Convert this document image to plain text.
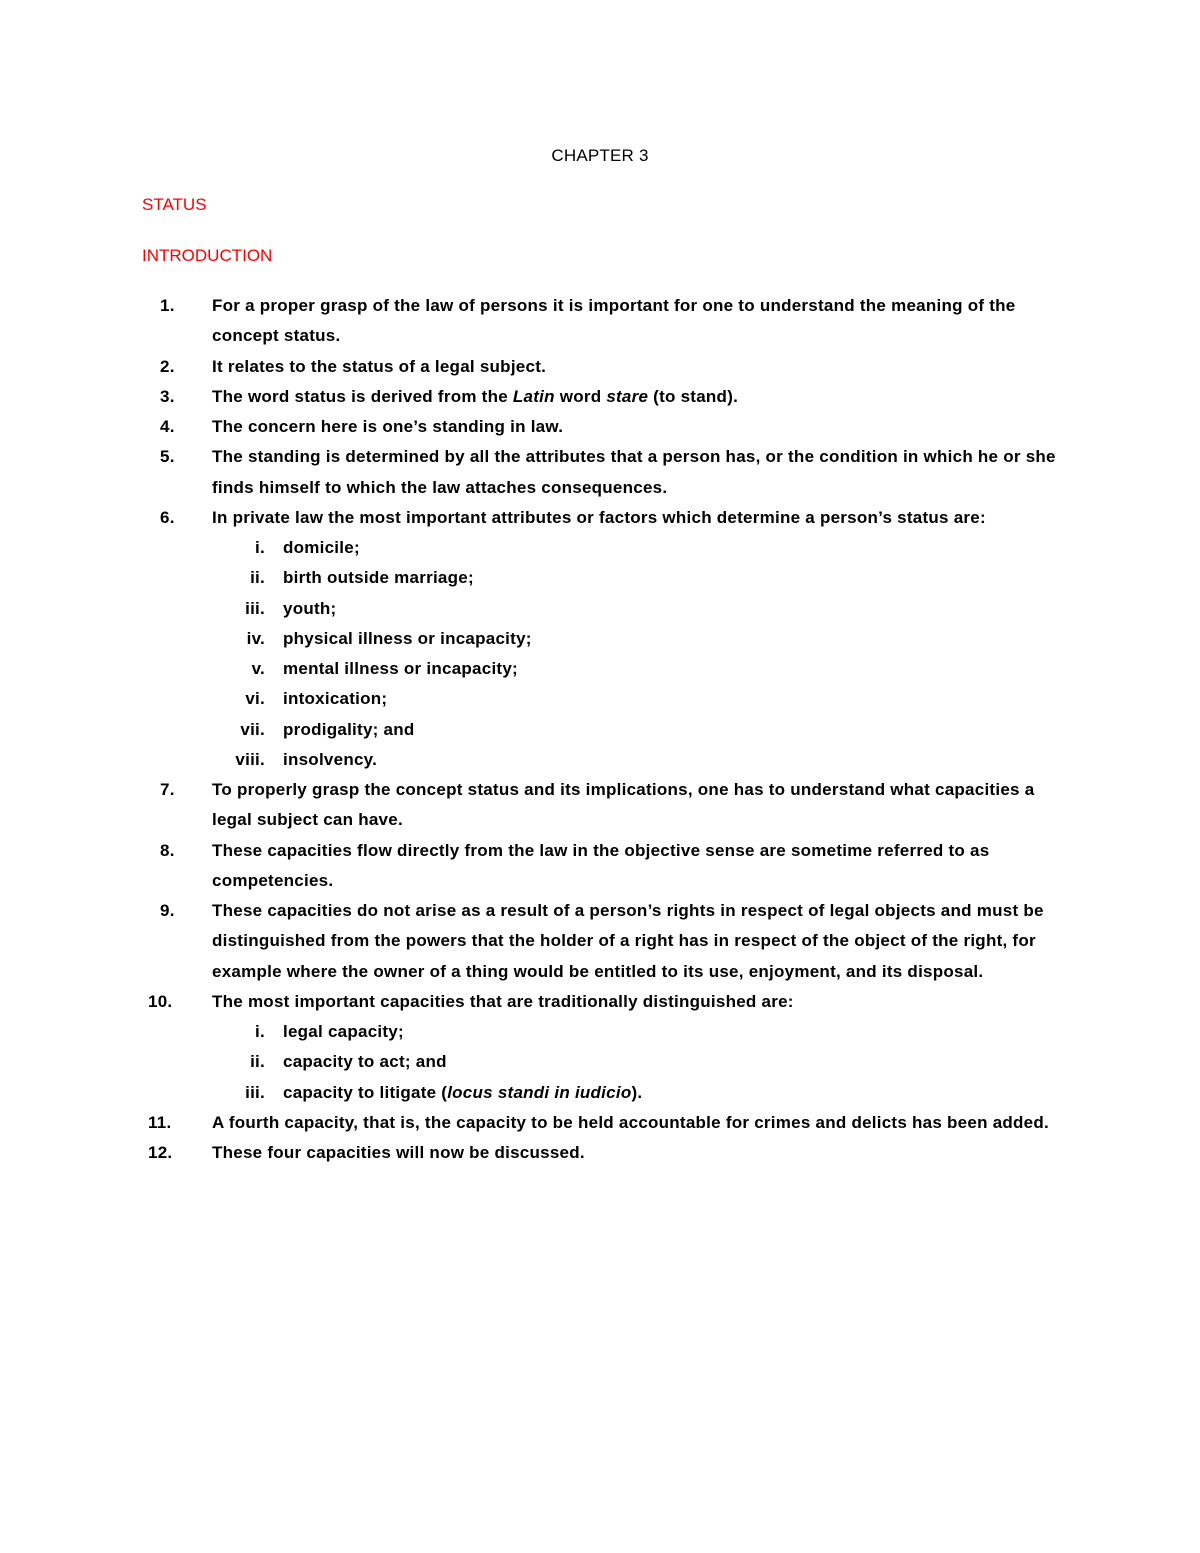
CHAPTER 3
STATUS
INTRODUCTION
1.	For a proper grasp of the law of persons it is important for one to understand the meaning of the concept status.

2.	It relates to the status of a legal subject.

3.	The word status is derived from the Latin word stare (to stand).

4.	The concern here is one’s standing in law.

5.	The standing is determined by all the attributes that a person has, or the condition in which he or she finds himself to which the law attaches consequences.

6.	In private law the most important attributes or factors which determine a person’s status are:

i. domicile;

ii. birth outside marriage;

iii. youth;

iv. physical illness or incapacity;

v. mental illness or incapacity;

vi. intoxication;

vii. prodigality; and

viii. insolvency.

7.	To properly grasp the concept status and its implications, one has to understand what capacities a legal subject can have.

8.	These capacities flow directly from the law in the objective sense are sometime referred to as competencies.

9.	These capacities do not arise as a result of a person’s rights in respect of legal objects and must be distinguished from the powers that the holder of a right has in respect of the object of the right, for example where the owner of a thing would be entitled to its use, enjoyment, and its disposal.

10.	The most important capacities that are traditionally distinguished are:

i. legal capacity;

ii. capacity to act; and

iii. capacity to litigate (locus standi in iudicio).

11.	A fourth capacity, that is, the capacity to be held accountable for crimes and delicts has been added.

12.	These four capacities will now be discussed.
